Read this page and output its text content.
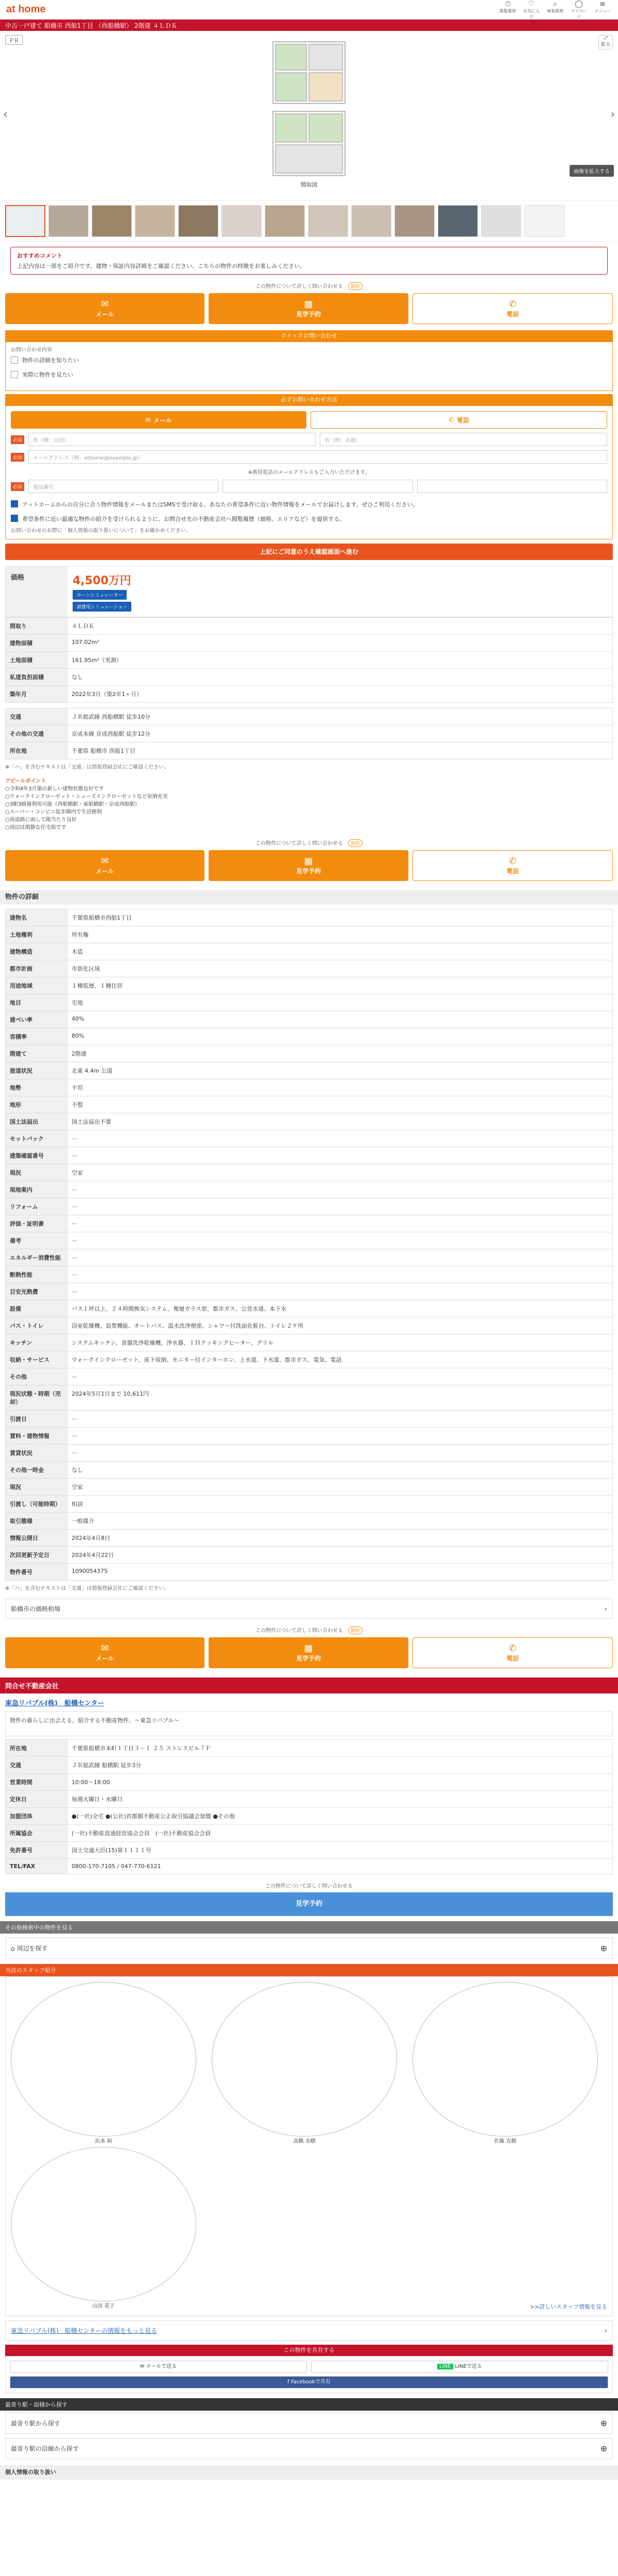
at home	⏱
閲覧履歴
♡
お気に入り
⌕
検索履歴
◯
マイページ
≡
メニュー
中古一戸建て 船橋市 西船1丁目 （西船橋駅） 2階建 ４ＬＤＫ
ＰＲ	⤢
拡大
‹	›
間取図
画像を拡大する
おすすめコメント
上記内容は一部をご紹介です。建物・保証内容詳細をご確認ください。こちらの物件の特徴をお楽しみください。
この物件について詳しく問い合わせる 無料
✉
メール
▦
見学予約
✆
電話
クイックお問い合わせ
お問い合わせ内容
物件の詳細を知りたい
実際に物件を見たい
必ずお問い合わせ方法
✉ メール	✆ 電話
必須	姓（例：山田）	名（例：太郎）
必須	メールアドレス（例：athome@example.jp）
※携帯電話のメールアドレスもご入力いただけます。
必須	電話番号
アットホームからの自分に合う物件情報をメールまたはSMSで受け取る。あなたの希望条件に近い物件情報をメールでお届けします。ぜひご利用ください。
希望条件に近い最適な物件の紹介を受けられるように、お問合せ先の不動産会社へ閲覧履歴（価格、エリアなど）を提供する。
お問い合わせのお際に「個人情報の取り扱いについて」をお確かめください。
上記にご同意のうえ確認画面へ進む
価格	4,500万円
ローンシミュレーター
諸費用シミュレーション
間取り	４ＬＤＫ
建物面積	107.02m²
土地面積	161.95m²（実測）
私道負担面積	なし
築年月	2022年3月（築2年1ヶ月）
交通	ＪＲ総武線 西船橋駅 徒歩10分
その他の交通	京成本線 京成西船駅 徒歩12分
所在地	千葉県 船橋市 西船1丁目
※「ハ」を含むテキストは「交通」は情報登録会社にご確認ください。
アピールポイント
○令和4年3月築の新しい建物状態良好です
○ウォークインクローゼット・シューズインクローゼットなど収納充実
○3駅3路線利用可能（西船橋駅・東船橋駅・京成西船駅）
○スーパー・コンビニ徒歩圏内で生活便利
○南道路に面して陽当たり良好
○周辺は閑静な住宅街です
この物件について詳しく問い合わせる 無料
✉
メール
▦
見学予約
✆
電話
物件の詳細
建物名	千葉県船橋市西船1丁目
土地権利	所有権
建物構造	木造
都市計画	市街化区域
用途地域	１種低層、１種住居
地目	宅地
建ぺい率	40%
容積率	80%
階建て	2階建
接道状況	北東 4.4m 公道
地勢	平坦
地形	不整
国土法届出	国土法届出不要
セットバック	－
建築確認番号	－
現況	空家
現地案内	－
リフォーム	－
評価・証明書	－
備考	－
エネルギー消費性能	－
断熱性能	－
目安光熱費	－
設備	バス１坪以上、２４時間換気システム、複層ガラス窓、都市ガス、公営水道、本下水
バス・トイレ	浴室乾燥機、追焚機能、オートバス、温水洗浄便座、シャワー付洗面化粧台、トイレ２ケ所
キッチン	システムキッチン、食器洗浄乾燥機、浄水器、ＩＨクッキングヒーター、グリル
収納・サービス	ウォークインクローゼット、床下収納、モニター付インターホン、上水道、下水道、都市ガス、電気、電話
その他	－
現況状態・時期（売却）	2024年5月1日まで 10,611円
引渡日	－
賃料・建物情報	－
賃貸状況	－
その他一時金	なし
現況	空家
引渡し（可能時期）	相談
取引態様	一般媒介
情報公開日	2024年4月8日
次回更新予定日	2024年4月22日
物件番号	1090054375
※「ハ」を含むテキストは「交通」は情報登録会社にご確認ください。
船橋市の価格相場	›
この物件について詳しく問い合わせる 無料
✉
メール
▦
見学予約
✆
電話
問合せ不動産会社
東急リバブル(株)　船橋センター
物件の暮らしに出会える。紹介する不動産物件。〜東急リバブル〜
所在地	千葉県船橋市本町１丁目３－１ ２５ ストレスビル７Ｆ
交通	ＪＲ総武線 船橋駅 徒歩3分
営業時間	10:00〜18:00
定休日	毎週火曜日・水曜日
加盟団体	●(一社)全宅 ●(公社)首都圏不動産公正取引協議会加盟 ●その他
所属協会	(一社)不動産流通経営協会会員　(一社)不動産協会会員
免許番号	国土交通大臣(15)第１１１１号
TEL/FAX	0800-170-7105 / 047-770-6121
この物件について詳しく問い合わせる
見学予約
その他検索中の物件を見る
⌂ 周辺を探す	⊕
当店のスタッフ紹介
浜本 裕	高橋 美樹	佐藤 直樹
山田 花子	>>詳しいスタッフ情報を見る
東急リバブル(株)　船橋センターの情報をもっと見る	›
この物件を共有する
✉ メールで送る	LINE LINEで送る
f Facebookで共有
最寄り駅・面積から探す
最寄り駅から探す	⊕
最寄り駅の沿線から探す	⊕
個人情報の取り扱い
